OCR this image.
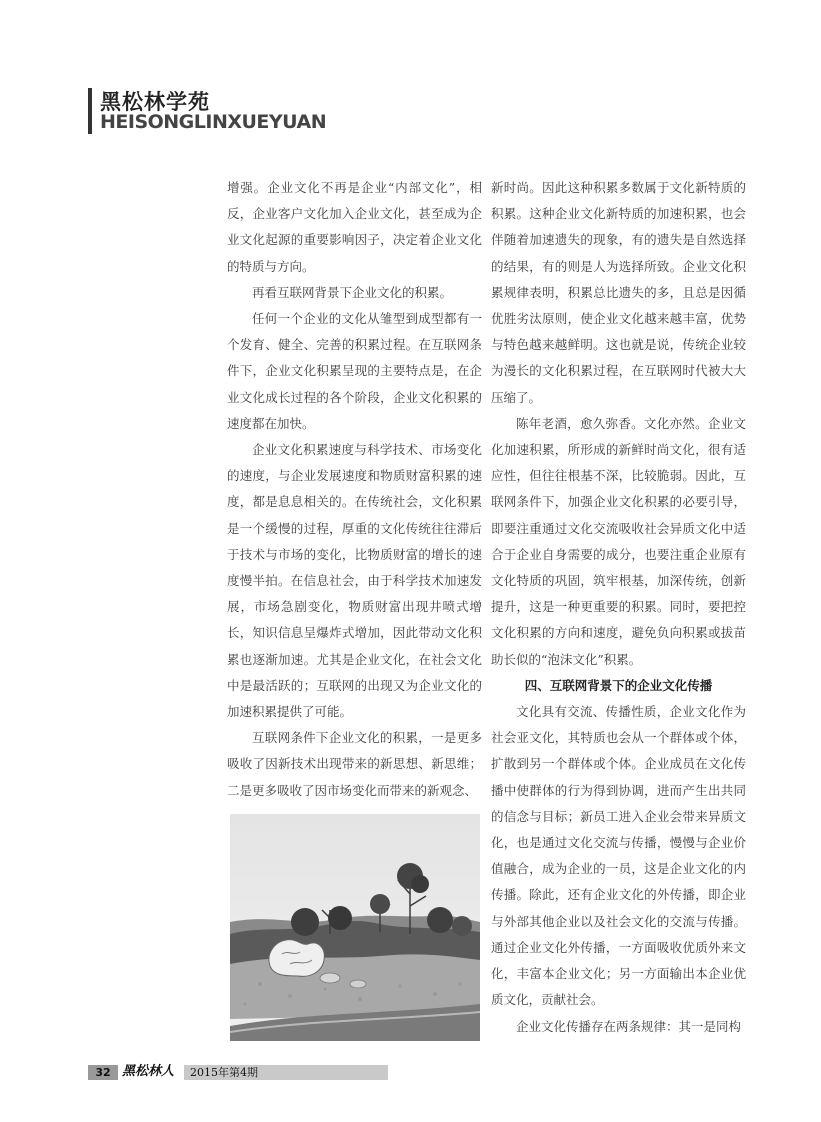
黑松林学苑
HEISONGLINXUEYUAN

增强。企业文化不再是企业“内部文化”，相反，企业客户文化加入企业文化，甚至成为企业文化起源的重要影响因子，决定着企业文化的特质与方向。

再看互联网背景下企业文化的积累。

任何一个企业的文化从雏型到成型都有一个发育、健全、完善的积累过程。在互联网条件下，企业文化积累呈现的主要特点是，在企业文化成长过程的各个阶段，企业文化积累的速度都在加快。

企业文化积累速度与科学技术、市场变化的速度，与企业发展速度和物质财富积累的速度，都是息息相关的。在传统社会，文化积累是一个缓慢的过程，厚重的文化传统往往滞后于技术与市场的变化，比物质财富的增长的速度慢半拍。在信息社会，由于科学技术加速发展，市场急剧变化，物质财富出现井喷式增长，知识信息呈爆炸式增加，因此带动文化积累也逐渐加速。尤其是企业文化，在社会文化中是最活跃的；互联网的出现又为企业文化的加速积累提供了可能。

互联网条件下企业文化的积累，一是更多吸收了因新技术出现带来的新思想、新思维；二是更多吸收了因市场变化而带来的新观念、

新时尚。因此这种积累多数属于文化新特质的积累。这种企业文化新特质的加速积累，也会伴随着加速遗失的现象，有的遗失是自然选择的结果，有的则是人为选择所致。企业文化积累规律表明，积累总比遗失的多，且总是因循优胜劣汰原则，使企业文化越来越丰富，优势与特色越来越鲜明。这也就是说，传统企业较为漫长的文化积累过程，在互联网时代被大大压缩了。

陈年老酒，愈久弥香。文化亦然。企业文化加速积累，所形成的新鲜时尚文化，很有适应性，但往往根基不深，比较脆弱。因此，互联网条件下，加强企业文化积累的必要引导，即要注重通过文化交流吸收社会异质文化中适合于企业自身需要的成分，也要注重企业原有文化特质的巩固，筑牢根基，加深传统，创新提升，这是一种更重要的积累。同时，要把控文化积累的方向和速度，避免负向积累或拔苗助长似的“泡沫文化”积累。

四、互联网背景下的企业文化传播

文化具有交流、传播性质，企业文化作为社会亚文化，其特质也会从一个群体或个体，扩散到另一个群体或个体。企业成员在文化传播中使群体的行为得到协调，进而产生出共同的信念与目标；新员工进入企业会带来异质文化，也是通过文化交流与传播，慢慢与企业价值融合，成为企业的一员，这是企业文化的内传播。除此，还有企业文化的外传播，即企业与外部其他企业以及社会文化的交流与传播。通过企业文化外传播，一方面吸收优质外来文化，丰富本企业文化；另一方面输出本企业优质文化，贡献社会。

企业文化传播存在两条规律：其一是同构

32 黑松林人 2015年第4期
